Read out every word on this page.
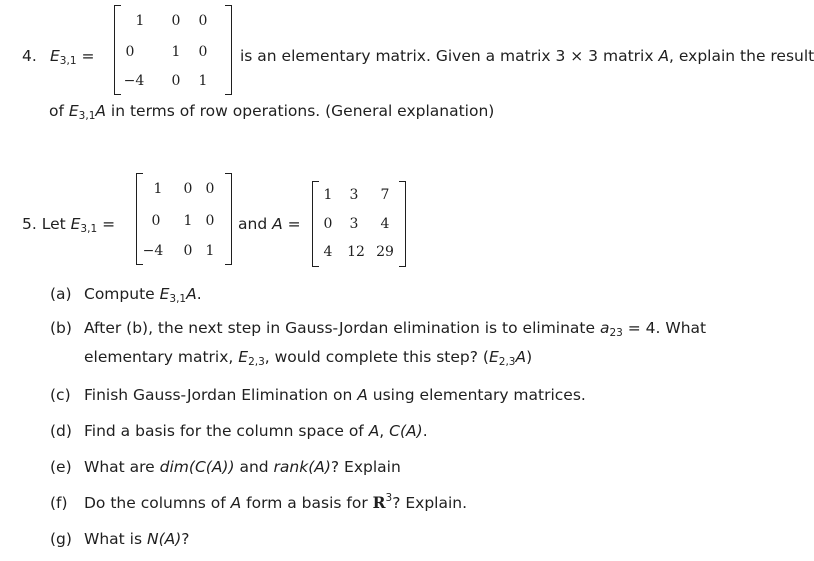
4. E3,1 =
1	0	0
0	1	0
−4	0	1
is an elementary matrix. Given a matrix 3 × 3 matrix A, explain the result
of E3,1A in terms of row operations. (General explanation)
5. Let E3,1 =
1	0 0
0	1 0
−4	0 1
and A =
1	3	7
0	3	4
4	12 29
(a) Compute E3,1A.
(b) After (b), the next step in Gauss-Jordan elimination is to eliminate a23 = 4. What
elementary matrix, E2,3, would complete this step? (E2,3A)
(c) Finish Gauss-Jordan Elimination on A using elementary matrices.
(d) Find a basis for the column space of A, C(A).
(e) What are dim(C(A)) and rank(A)? Explain
(f) Do the columns of A form a basis for $R^3$? Explain.
(g) What is N(A)?
